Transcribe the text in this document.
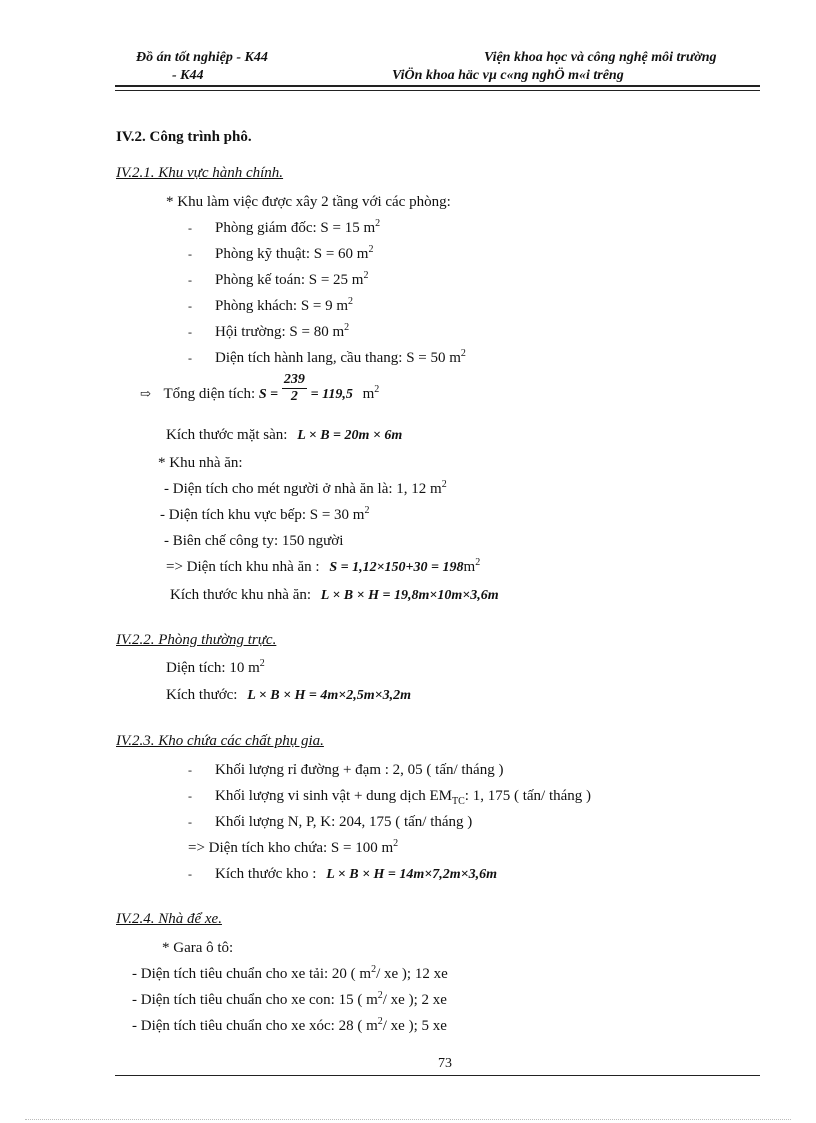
Đồ án tốt nghiệp - K44
- K44
Viện khoa học và công nghệ môi trường
ViÖn khoa häc vµ c«ng nghÖ m«i trêng
IV.2. Công trình phô.
IV.2.1. Khu vực hành chính.
* Khu làm việc được xây 2 tầng với các phòng:
- Phòng giám đốc: S = 15 $m^2$
- Phòng kỹ thuật: S = 60 $m^2$
- Phòng kế toán: S = 25 $m^2$
- Phòng khách: S = 9 $m^2$
- Hội trường: S = 80 $m^2$
- Diện tích hành lang, cầu thang: S = 50 $m^2$
⇨ Tổng diện tích: $S = \frac{239}{2} = 119,5$ $m^2$
Kích thước mặt sàn: L × B = 20m × 6m
* Khu nhà ăn:
- Diện tích cho mét người ở nhà ăn là: 1, 12 $m^2$
- Diện tích khu vực bếp: S = 30 $m^2$
- Biên chế công ty: 150 người
=> Diện tích khu nhà ăn : $S = 1,12\times 150+30 = 198m^2$
Kích thước khu nhà ăn: L × B × H = 19,8m×10m×3,6m
IV.2.2. Phòng thường trực.
Diện tích: 10 $m^2$
Kích thước: L × B × H = 4m×2,5m×3,2m
IV.2.3. Kho chứa các chất phụ gia.
- Khối lượng rỉ đường + đạm : 2, 05 ( tấn/ tháng )
- Khối lượng vi sinh vật + dung dịch $EM_{TC}$: 1, 175 ( tấn/ tháng )
- Khối lượng N, P, K: 204, 175 ( tấn/ tháng )
=> Diện tích kho chứa: S = 100 $m^2$
- Kích thước kho : L × B × H = 14m×7,2m×3,6m
IV.2.4. Nhà để xe.
* Gara ô tô:
- Diện tích tiêu chuẩn cho xe tải: 20 ( $m^2/$ xe ); 12 xe
- Diện tích tiêu chuẩn cho xe con: 15 ( $m^2/$ xe ); 2 xe
- Diện tích tiêu chuẩn cho xe xóc: 28 ( $m^2/$ xe ); 5 xe
73
